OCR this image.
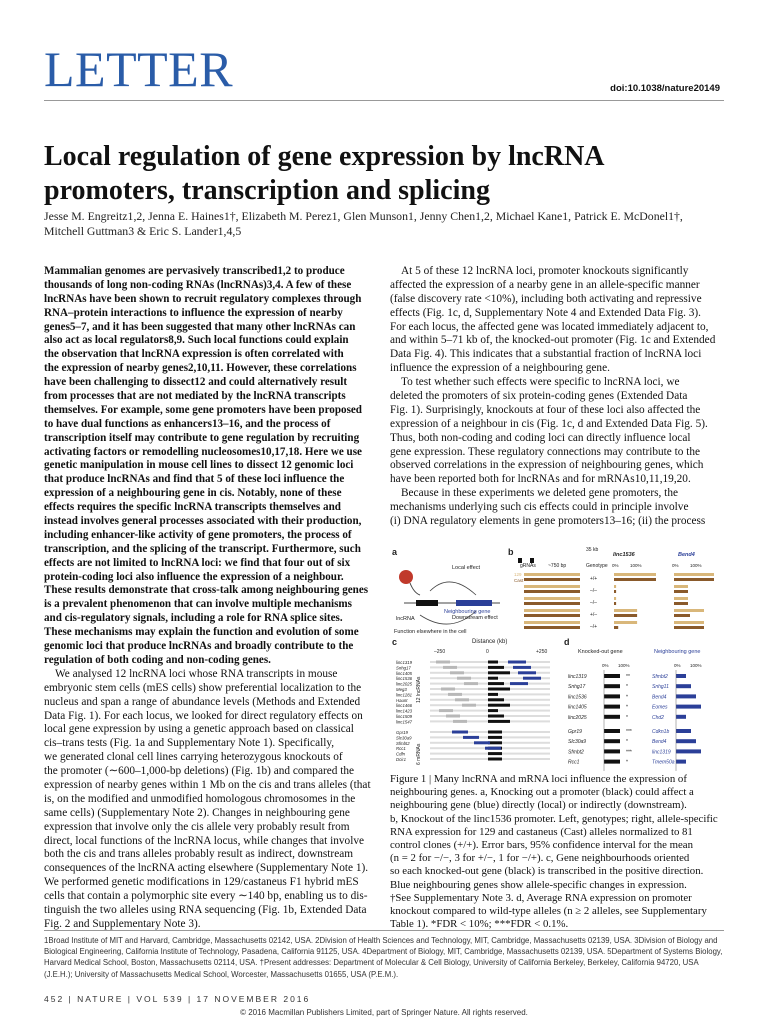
LETTER	doi:10.1038/nature20149
Local regulation of gene expression by lncRNA
promoters, transcription and splicing
Jesse M. Engreitz1,2, Jenna E. Haines1†, Elizabeth M. Perez1, Glen Munson1, Jenny Chen1,2, Michael Kane1, Patrick E. McDonel1†,
Mitchell Guttman3 & Eric S. Lander1,4,5
Mammalian genomes are pervasively transcribed1,2 to produce
thousands of long non-coding RNAs (lncRNAs)3,4. A few of these
lncRNAs have been shown to recruit regulatory complexes through
RNA–protein interactions to influence the expression of nearby
genes5–7, and it has been suggested that many other lncRNAs can
also act as local regulators8,9. Such local functions could explain
the observation that lncRNA expression is often correlated with
the expression of nearby genes2,10,11. However, these correlations
have been challenging to dissect12 and could alternatively result
from processes that are not mediated by the lncRNA transcripts
themselves. For example, some gene promoters have been proposed
to have dual functions as enhancers13–16, and the process of
transcription itself may contribute to gene regulation by recruiting
activating factors or remodelling nucleosomes10,17,18. Here we use
genetic manipulation in mouse cell lines to dissect 12 genomic loci
that produce lncRNAs and find that 5 of these loci influence the
expression of a neighbouring gene in cis. Notably, none of these
effects requires the specific lncRNA transcripts themselves and
instead involves general processes associated with their production,
including enhancer-like activity of gene promoters, the process of
transcription, and the splicing of the transcript. Furthermore, such
effects are not limited to lncRNA loci: we find that four out of six
protein-coding loci also influence the expression of a neighbour.
These results demonstrate that cross-talk among neighbouring genes
is a prevalent phenomenon that can involve multiple mechanisms
and cis-regulatory signals, including a role for RNA splice sites.
These mechanisms may explain the function and evolution of some
genomic loci that produce lncRNAs and broadly contribute to the
regulation of both coding and non-coding genes.
We analysed 12 lncRNA loci whose RNA transcripts in mouse
embryonic stem cells (mES cells) show preferential localization to the
nucleus and span a range of abundance levels (Methods and Extended
Data Fig. 1). For each locus, we looked for direct regulatory effects on
local gene expression by using a genetic approach based on classical
cis–trans tests (Fig. 1a and Supplementary Note 1). Specifically,
we generated clonal cell lines carrying heterozygous knockouts of
the promoter (∼600–1,000-bp deletions) (Fig. 1b) and compared the
expression of nearby genes within 1 Mb on the cis and trans alleles (that
is, on the modified and unmodified homologous chromosomes in the
same cells) (Supplementary Note 2). Changes in neighbouring gene
expression that involve only the cis allele very probably result from
direct, local functions of the lncRNA locus, while changes that involve
both the cis and trans alleles probably result as indirect, downstream
consequences of the lncRNA acting elsewhere (Supplementary Note 1).
We performed genetic modifications in 129/castaneus F1 hybrid mES
cells that contain a polymorphic site every ∼140 bp, enabling us to dis-
tinguish the two alleles using RNA sequencing (Fig. 1b, Extended Data
Fig. 2 and Supplementary Note 3).
At 5 of these 12 lncRNA loci, promoter knockouts significantly
affected the expression of a nearby gene in an allele-specific manner
(false discovery rate <10%), including both activating and repressive
effects (Fig. 1c, d, Supplementary Note 4 and Extended Data Fig. 3).
For each locus, the affected gene was located immediately adjacent to,
and within 5–71 kb of, the knocked-out promoter (Fig. 1c and Extended
Data Fig. 4). This indicates that a substantial fraction of lncRNA loci
influence the expression of a neighbouring gene.
To test whether such effects were specific to lncRNA loci, we
deleted the promoters of six protein-coding genes (Extended Data
Fig. 1). Surprisingly, knockouts at four of these loci also affected the
expression of a neighbour in cis (Fig. 1c, d and Extended Data Fig. 5).
Thus, both non-coding and coding loci can directly influence local
gene expression. These regulatory connections may contribute to the
observed correlations in the expression of neighbouring genes, which
have been reported both for lncRNAs and for mRNAs10,11,19,20.
Because in these experiments we deleted gene promoters, the
mechanisms underlying such cis effects could in principle involve
(i) DNA regulatory elements in gene promoters13–16; (ii) the process
a	b
c	d
Local effect
Neighbouring gene
Downstream effect
lncRNA
Function elsewhere in the cell
35 kb
linc1536	Bend4
gRNAs ~750 bp	Genotype
129
Cast
0%	100%	0%	100%
+/+
–/–
–/–
+/–
–/+
Distance (kb)
–250	0	+250
linc1319
Snhg17
linc1405
linc1536
linc2025
Meg3
linc1281
Haunt
linc1466
linc1423
linc1509
linc1547
12 lncRNAs
Gpr19
Slc30a9
Sfmbt2
Rcc1
Cdfn
Dcir1 6 mRNAs
Knocked-out gene	Neighbouring gene
0% 100%	0% 100%
linc1319	Sfmbt2
**
Snhg17	Snhg11
*
linc1536	Bend4
*
linc1405	Eomes
*
linc2025	Chd2
*
Gpr19	Cdkn1b
***
Slc30a9	Bend4
*
Sfmbt2	linc1319
***
Rcc1	Tmem50a
*
Figure 1 | Many lncRNA and mRNA loci influence the expression of
neighbouring genes. a, Knocking out a promoter (black) could affect a
neighbouring gene (blue) directly (local) or indirectly (downstream).
b, Knockout of the linc1536 promoter. Left, genotypes; right, allele-specific
RNA expression for 129 and castaneus (Cast) alleles normalized to 81
control clones (+/+). Error bars, 95% confidence interval for the mean
(n = 2 for −/−, 3 for +/−, 1 for −/+). c, Gene neighbourhoods oriented
so each knocked-out gene (black) is transcribed in the positive direction.
Blue neighbouring genes show allele-specific changes in expression.
†See Supplementary Note 3. d, Average RNA expression on promoter
knockout compared to wild-type alleles (n ≥ 2 alleles, see Supplementary
Table 1). *FDR < 10%; ***FDR < 0.1%.
1Broad Institute of MIT and Harvard, Cambridge, Massachusetts 02142, USA. 2Division of Health Sciences and Technology, MIT, Cambridge, Massachusetts 02139, USA. 3Division of Biology and
Biological Engineering, California Institute of Technology, Pasadena, California 91125, USA. 4Department of Biology, MIT, Cambridge, Massachusetts 02139, USA. 5Department of Systems Biology,
Harvard Medical School, Boston, Massachusetts 02114, USA. †Present addresses: Department of Molecular & Cell Biology, University of California Berkeley, Berkeley, California 94720, USA
(J.E.H.); University of Massachusetts Medical School, Worcester, Massachusetts 01655, USA (P.E.M.).
452 | NATURE | VOL 539 | 17 NOVEMBER 2016
© 2016 Macmillan Publishers Limited, part of Springer Nature. All rights reserved.
